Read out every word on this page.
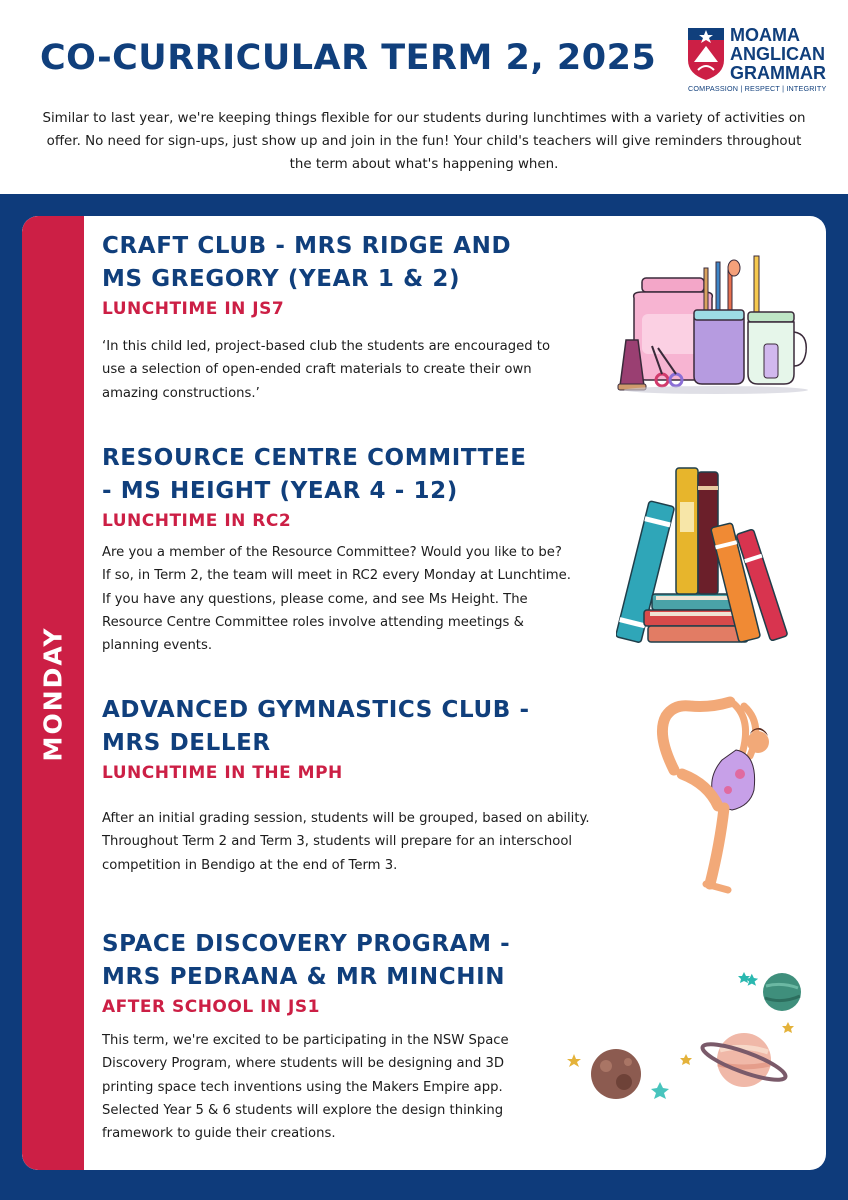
CO-CURRICULAR TERM 2, 2025
MOAMA
ANGLICAN
GRAMMAR
COMPASSION | RESPECT | INTEGRITY

Similar to last year, we're keeping things flexible for our students during lunchtimes with a variety of activities on offer. No need for sign-ups, just show up and join in the fun! Your child's teachers will give reminders throughout the term about what's happening when.

MONDAY
CRAFT CLUB - MRS RIDGE AND
MS GREGORY (YEAR 1 & 2)
LUNCHTIME IN JS7
‘In this child led, project-based club the students are encouraged to
use a selection of open-ended craft materials to create their own
amazing constructions.’
RESOURCE CENTRE COMMITTEE
- MS HEIGHT (YEAR 4 - 12)
LUNCHTIME IN RC2
Are you a member of the Resource Committee? Would you like to be?
If so, in Term 2, the team will meet in RC2 every Monday at Lunchtime.
If you have any questions, please come, and see Ms Height. The
Resource Centre Committee roles involve attending meetings &
planning events.
ADVANCED GYMNASTICS CLUB -
MRS DELLER
LUNCHTIME IN THE MPH
After an initial grading session, students will be grouped, based on ability.
Throughout Term 2 and Term 3, students will prepare for an interschool
competition in Bendigo at the end of Term 3.
SPACE DISCOVERY PROGRAM -
MRS PEDRANA & MR MINCHIN
AFTER SCHOOL IN JS1
This term, we're excited to be participating in the NSW Space
Discovery Program, where students will be designing and 3D
printing space tech inventions using the Makers Empire app.
Selected Year 5 & 6 students will explore the design thinking
framework to guide their creations.
